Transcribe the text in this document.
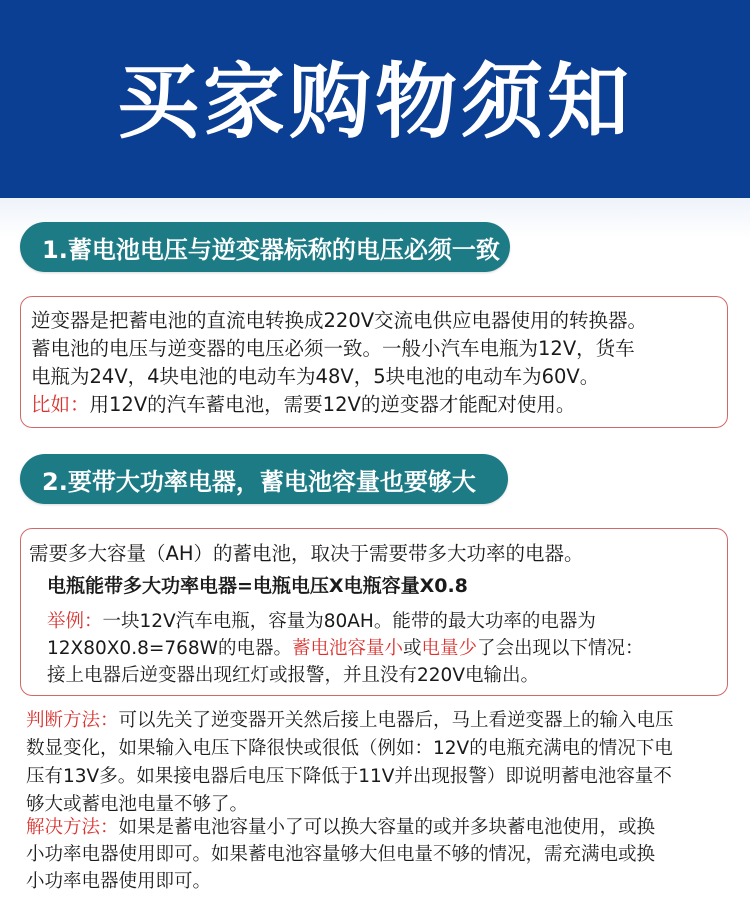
买家购物须知
1.蓄电池电压与逆变器标称的电压必须一致
逆变器是把蓄电池的直流电转换成220V交流电供应电器使用的转换器。
蓄电池的电压与逆变器的电压必须一致。一般小汽车电瓶为12V，货车
电瓶为24V，4块电池的电动车为48V，5块电池的电动车为60V。
比如：用12V的汽车蓄电池，需要12V的逆变器才能配对使用。
2.要带大功率电器，蓄电池容量也要够大
需要多大容量（AH）的蓄电池，取决于需要带多大功率的电器。
电瓶能带多大功率电器=电瓶电压X电瓶容量X0.8
举例：一块12V汽车电瓶，容量为80AH。能带的最大功率的电器为
12X80X0.8=768W的电器。蓄电池容量小或电量少了会出现以下情况：
接上电器后逆变器出现红灯或报警，并且没有220V电输出。
判断方法：可以先关了逆变器开关然后接上电器后，马上看逆变器上的输入电压
数显变化，如果输入电压下降很快或很低（例如：12V的电瓶充满电的情况下电
压有13V多。如果接电器后电压下降低于11V并出现报警）即说明蓄电池容量不
够大或蓄电池电量不够了。
解决方法：如果是蓄电池容量小了可以换大容量的或并多块蓄电池使用，或换
小功率电器使用即可。如果蓄电池容量够大但电量不够的情况，需充满电或换
小功率电器使用即可。
